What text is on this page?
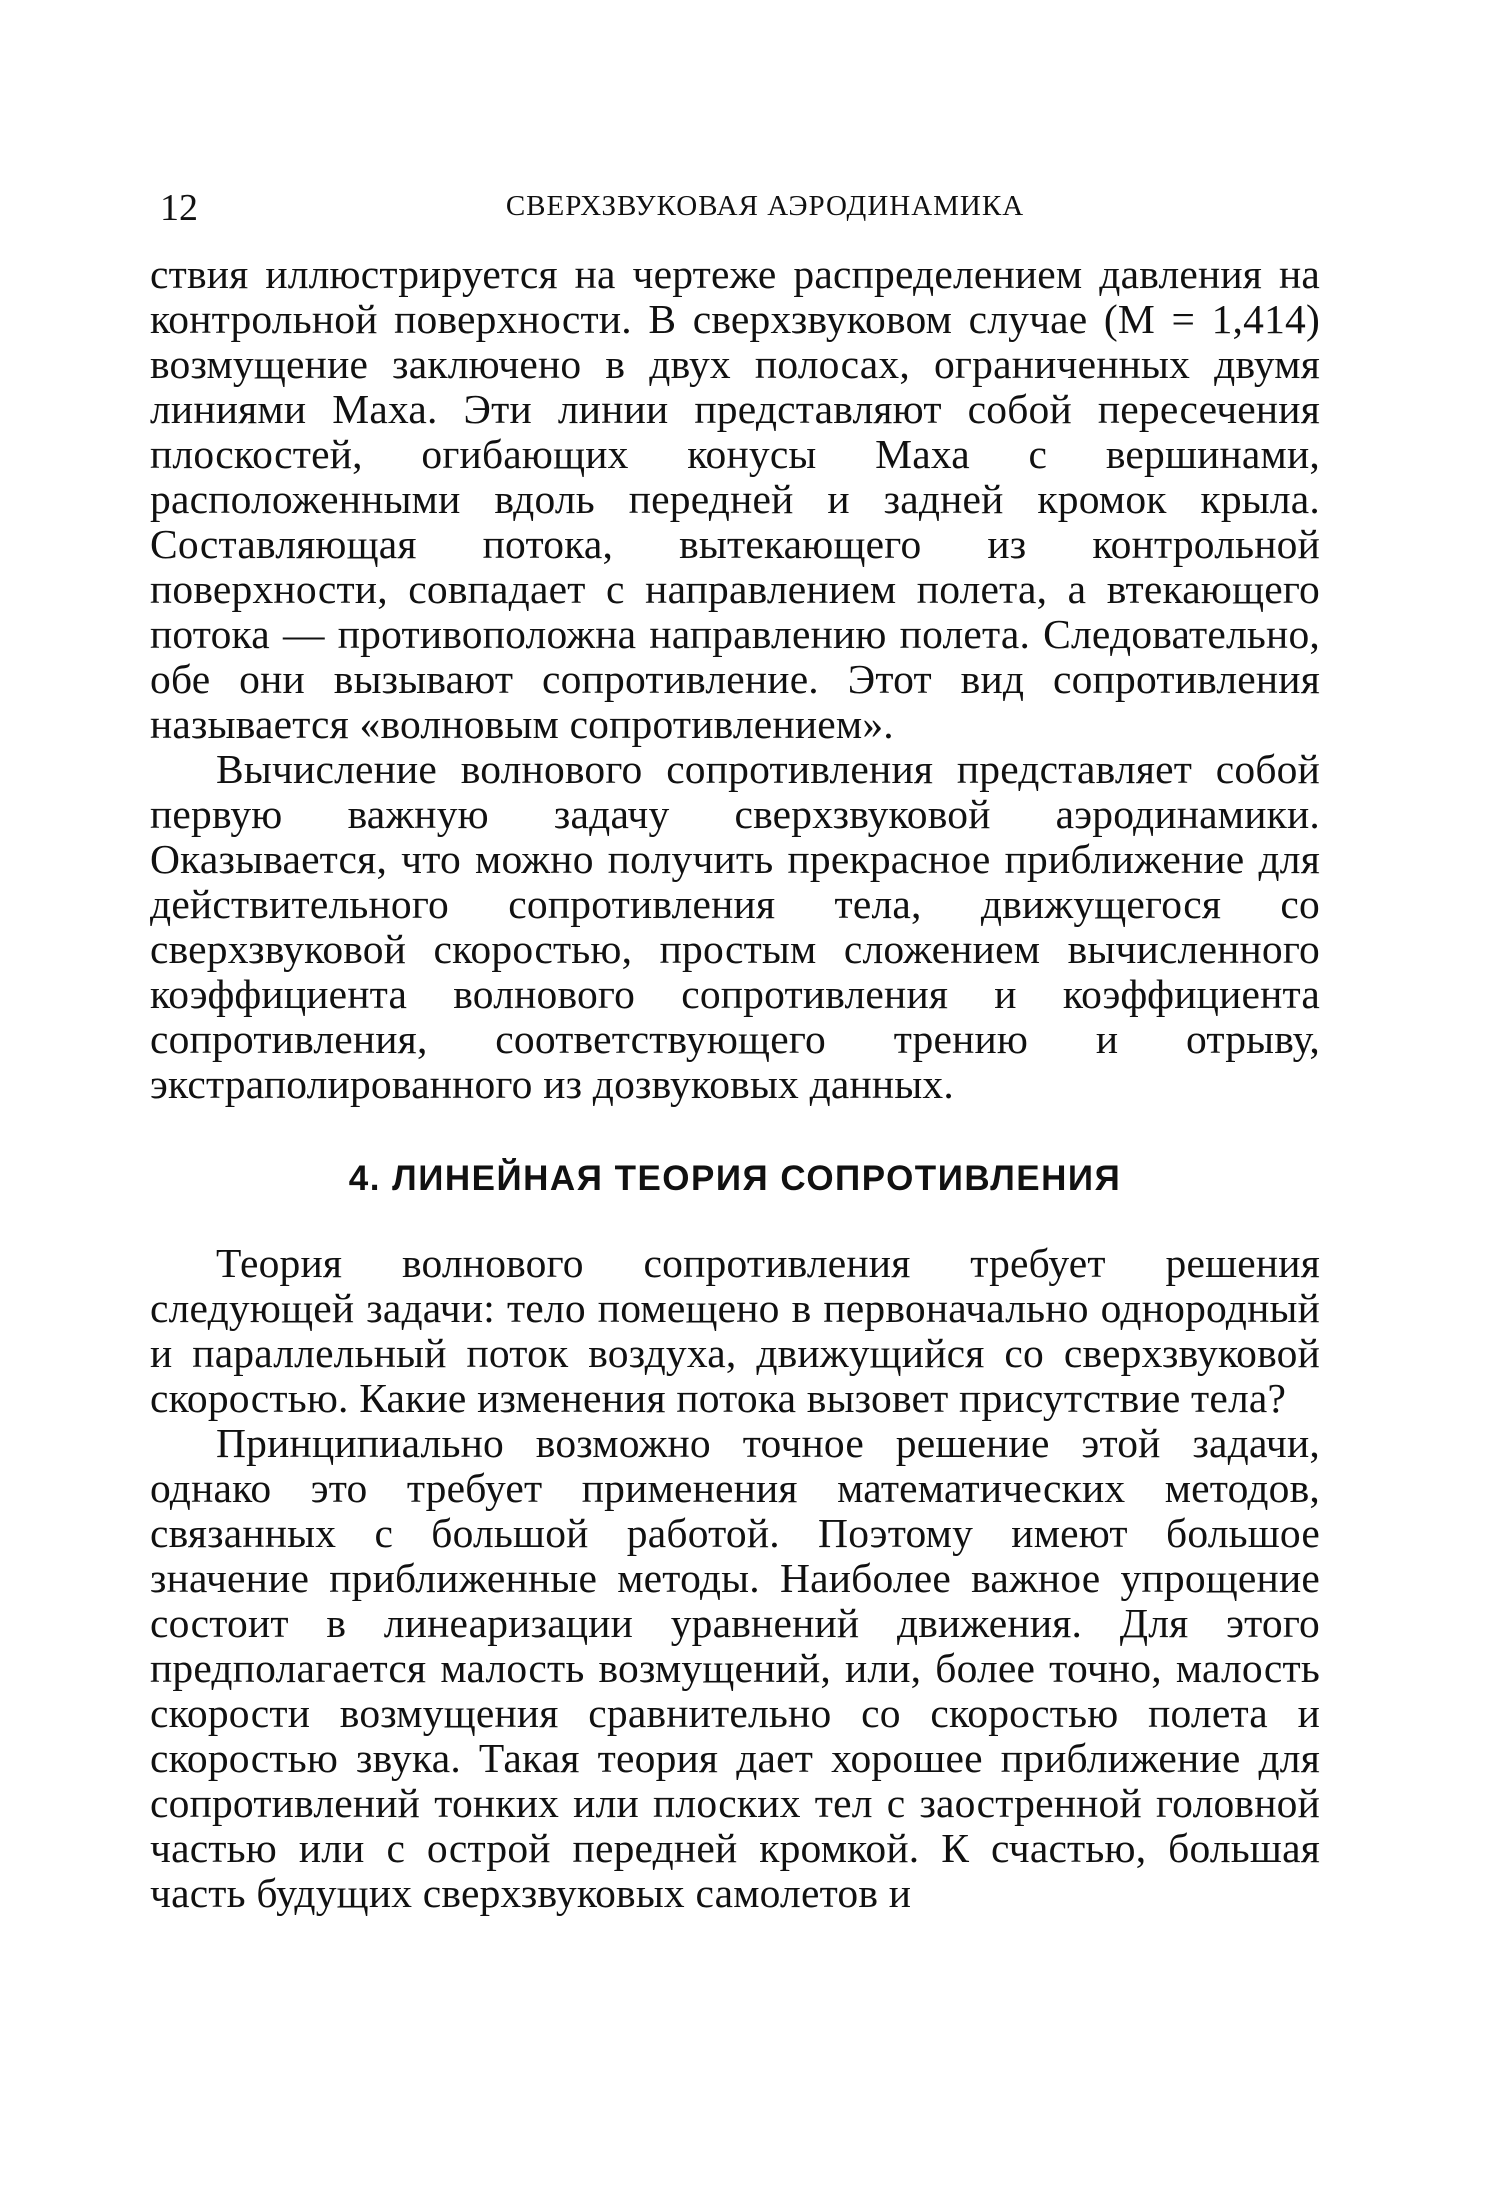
12	СВЕРХЗВУКОВАЯ АЭРОДИНАМИКА

ствия иллюстрируется на чертеже распределением давления на контрольной поверхности. В сверхзвуковом случае (M = 1,414) возмущение заключено в двух полосах, ограниченных двумя линиями Маха. Эти линии представляют собой пересечения плоскостей, огибающих конусы Маха с вершинами, расположенными вдоль передней и задней кромок крыла. Составляющая потока, вытекающего из контрольной поверхности, совпадает с направлением полета, а втекающего потока — противоположна направлению полета. Следовательно, обе они вызывают сопротивление. Этот вид сопротивления называется «волновым сопротивлением».

Вычисление волнового сопротивления представляет собой первую важную задачу сверхзвуковой аэродинамики. Оказывается, что можно получить прекрасное приближение для действительного сопротивления тела, движущегося со сверхзвуковой скоростью, простым сложением вычисленного коэффициента волнового сопротивления и коэффициента сопротивления, соответствующего трению и отрыву, экстраполированного из дозвуковых данных.

4. ЛИНЕЙНАЯ ТЕОРИЯ СОПРОТИВЛЕНИЯ

Теория волнового сопротивления требует решения следующей задачи: тело помещено в первоначально однородный и параллельный поток воздуха, движущийся со сверхзвуковой скоростью. Какие изменения потока вызовет присутствие тела?

Принципиально возможно точное решение этой задачи, однако это требует применения математических методов, связанных с большой работой. Поэтому имеют большое значение приближенные методы. Наиболее важное упрощение состоит в линеаризации уравнений движения. Для этого предполагается малость возмущений, или, более точно, малость скорости возмущения сравнительно со скоростью полета и скоростью звука. Такая теория дает хорошее приближение для сопротивлений тонких или плоских тел с заостренной головной частью или с острой передней кромкой. К счастью, большая часть будущих сверхзвуковых самолетов и
